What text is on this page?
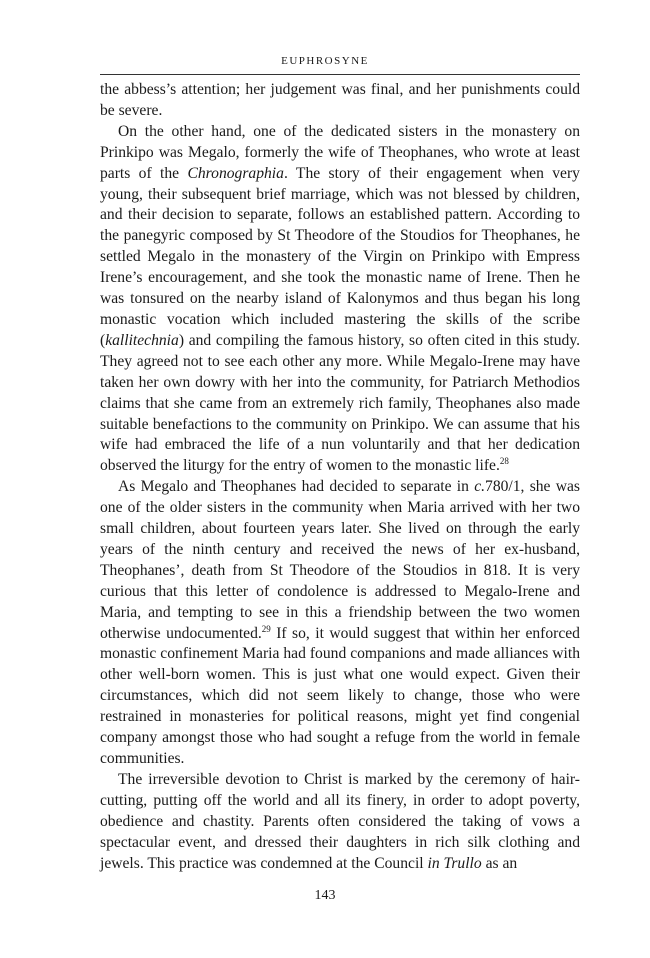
EUPHROSYNE

the abbess’s attention; her judgement was final, and her punishments could be severe.

On the other hand, one of the dedicated sisters in the monastery on Prinkipo was Megalo, formerly the wife of Theophanes, who wrote at least parts of the Chronographia. The story of their engagement when very young, their subsequent brief marriage, which was not blessed by children, and their decision to separate, follows an established pattern. According to the panegyric composed by St Theodore of the Stoudios for Theophanes, he settled Megalo in the monastery of the Virgin on Prinkipo with Empress Irene’s encouragement, and she took the monastic name of Irene. Then he was tonsured on the nearby island of Kalonymos and thus began his long monastic vocation which included mastering the skills of the scribe (kallitechnia) and compiling the famous history, so often cited in this study. They agreed not to see each other any more. While Megalo-Irene may have taken her own dowry with her into the community, for Patriarch Methodios claims that she came from an extremely rich family, Theophanes also made suitable benefactions to the community on Prinkipo. We can assume that his wife had embraced the life of a nun voluntarily and that her dedication observed the liturgy for the entry of women to the monastic life.$^{28}$

As Megalo and Theophanes had decided to separate in c.780/1, she was one of the older sisters in the community when Maria arrived with her two small children, about fourteen years later. She lived on through the early years of the ninth century and received the news of her ex-husband, Theophanes’, death from St Theodore of the Stoudios in 818. It is very curious that this letter of condolence is addressed to Megalo-Irene and Maria, and tempting to see in this a friendship between the two women otherwise undocumented.$^{29}$ If so, it would suggest that within her enforced monastic confinement Maria had found companions and made alliances with other well-born women. This is just what one would expect. Given their circumstances, which did not seem likely to change, those who were restrained in monasteries for political reasons, might yet find congenial company amongst those who had sought a refuge from the world in female communities.

The irreversible devotion to Christ is marked by the ceremony of hair-cutting, putting off the world and all its finery, in order to adopt poverty, obedience and chastity. Parents often considered the taking of vows a spectacular event, and dressed their daughters in rich silk clothing and jewels. This practice was condemned at the Council in Trullo as an

143
